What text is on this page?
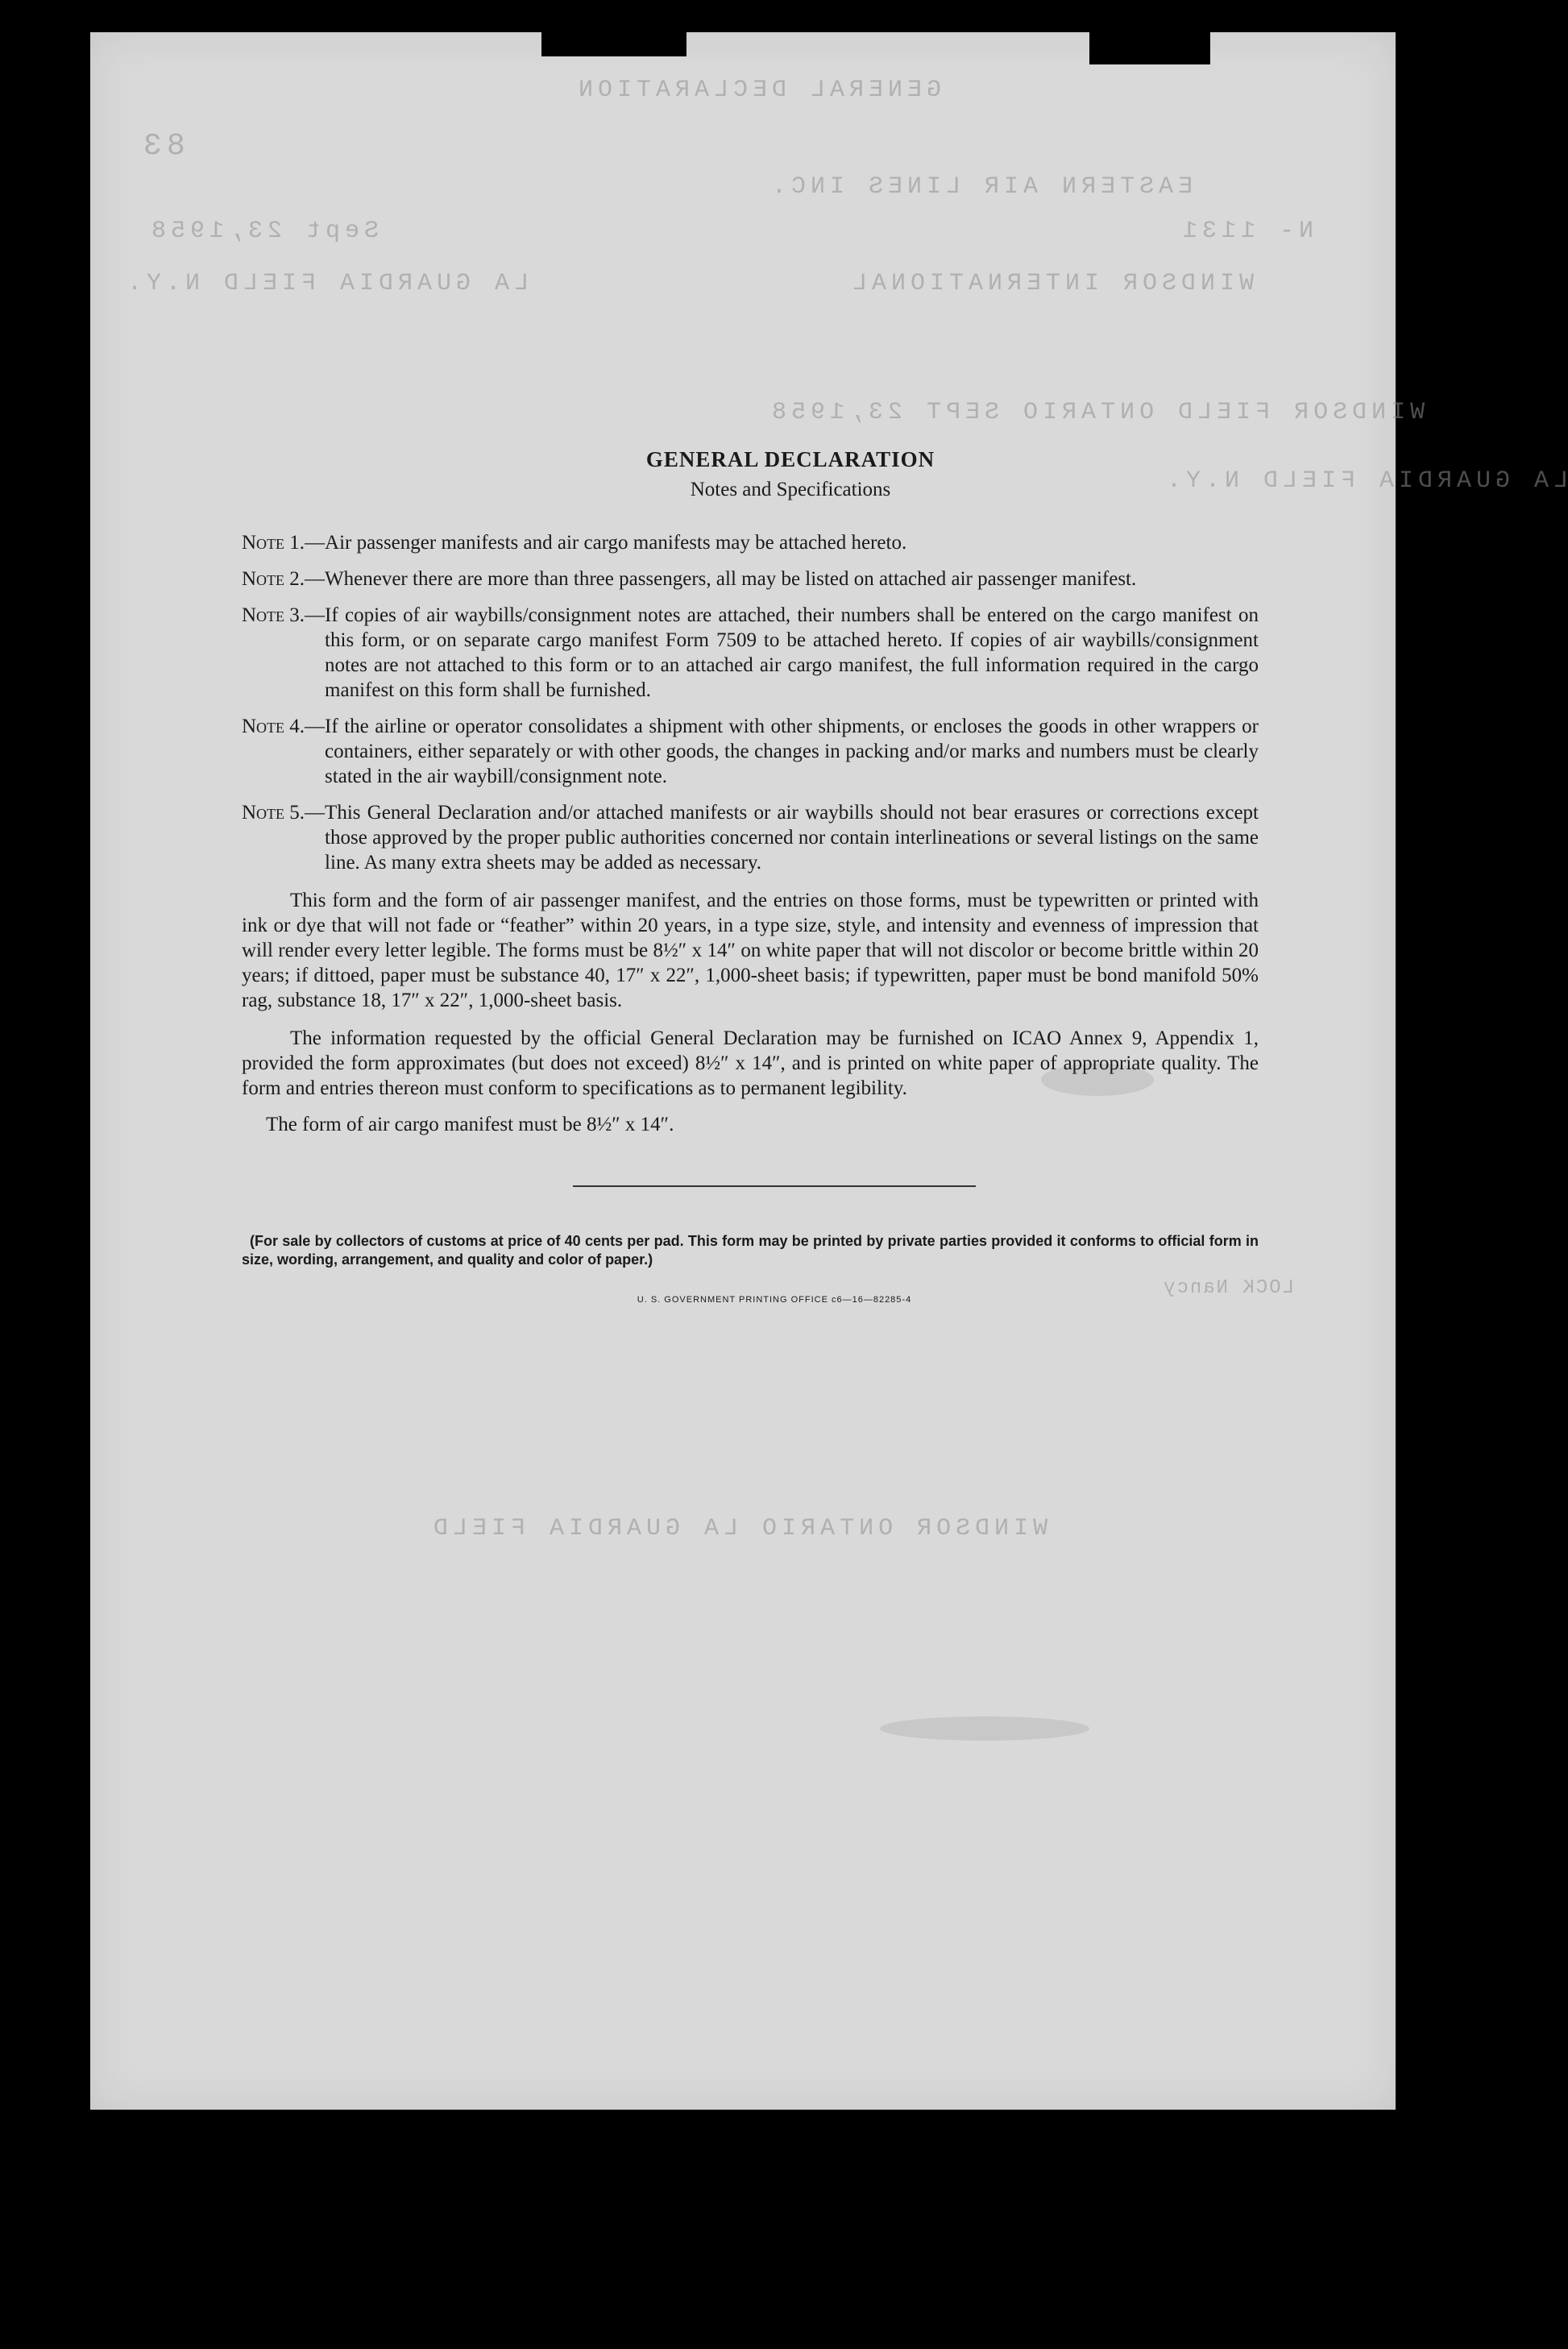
GENERAL DECLARATION
83
EASTERN AIR LINES INC.
Sept 23,1958	N- 1131
LA GUARDIA FIELD N.Y.	WINDSOR INTERNATIONAL
WINDSOR FIELD ONTARIO SEPT 23,1958
LA GUARDIA FIELD N.Y.
WINDSOR ONTARIO LA GUARDIA FIELD
LOCK Nancy
GENERAL DECLARATION

Notes and Specifications

Note 1.— Air passenger manifests and air cargo manifests may be attached hereto.
Note 2.— Whenever there are more than three passengers, all may be listed on attached air passenger manifest.
Note 3.— If copies of air waybills/consignment notes are attached, their numbers shall be entered on the cargo manifest on this form, or on separate cargo manifest Form 7509 to be attached hereto. If copies of air waybills/consignment notes are not attached to this form or to an attached air cargo manifest, the full information required in the cargo manifest on this form shall be furnished.
Note 4.— If the airline or operator consolidates a shipment with other shipments, or encloses the goods in other wrappers or containers, either separately or with other goods, the changes in packing and/or marks and numbers must be clearly stated in the air waybill/consignment note.
Note 5.— This General Declaration and/or attached manifests or air waybills should not bear erasures or corrections except those approved by the proper public authorities concerned nor contain interlineations or several listings on the same line. As many extra sheets may be added as necessary.

This form and the form of air passenger manifest, and the entries on those forms, must be typewritten or printed with ink or dye that will not fade or “feather” within 20 years, in a type size, style, and intensity and evenness of impression that will render every letter legible. The forms must be 8½″ x 14″ on white paper that will not discolor or become brittle within 20 years; if dittoed, paper must be substance 40, 17″ x 22″, 1,000-sheet basis; if typewritten, paper must be bond manifold 50% rag, substance 18, 17″ x 22″, 1,000-sheet basis.

The information requested by the official General Declaration may be furnished on ICAO Annex 9, Appendix 1, provided the form approximates (but does not exceed) 8½″ x 14″, and is printed on white paper of appropriate quality. The form and entries thereon must conform to specifications as to permanent legibility.

The form of air cargo manifest must be 8½″ x 14″.

(For sale by collectors of customs at price of 40 cents per pad. This form may be printed by private parties provided it conforms to official form in size, wording, arrangement, and quality and color of paper.)

U. S. GOVERNMENT PRINTING OFFICE c6—16—82285-4
